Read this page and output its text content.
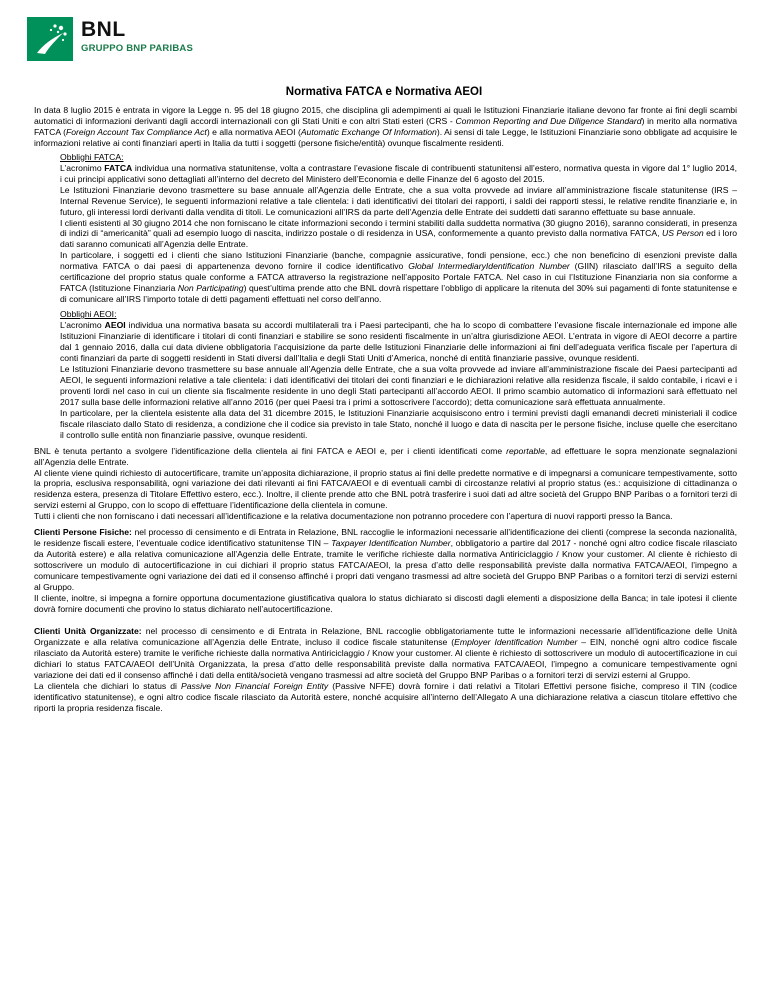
BNL
GRUPPO BNP PARIBAS
Normativa FATCA e Normativa AEOI

In data 8 luglio 2015 è entrata in vigore la Legge n. 95 del 18 giugno 2015, che disciplina gli adempimenti ai quali le Istituzioni Finanziarie italiane devono far fronte ai fini degli scambi automatici di informazioni derivanti dagli accordi internazionali con gli Stati Uniti e con altri Stati esteri (CRS - Common Reporting and Due Diligence Standard) in merito alla normativa FATCA (Foreign Account Tax Compliance Act) e alla normativa AEOI (Automatic Exchange Of Information). Ai sensi di tale Legge, le Istituzioni Finanziarie sono obbligate ad acquisire le informazioni relative ai conti finanziari aperti in Italia da tutti i soggetti (persone fisiche/entità) ovunque fiscalmente residenti.

Obblighi FATCA:

L’acronimo FATCA individua una normativa statunitense, volta a contrastare l’evasione fiscale di contribuenti statunitensi all’estero, normativa questa in vigore dal 1° luglio 2014, i cui principi applicativi sono dettagliati all’interno del decreto del Ministero dell’Economia e delle Finanze del 6 agosto del 2015.

Le Istituzioni Finanziarie devono trasmettere su base annuale all’Agenzia delle Entrate, che a sua volta provvede ad inviare all’amministrazione fiscale statunitense (IRS – Internal Revenue Service), le seguenti informazioni relative a tale clientela: i dati identificativi dei titolari dei rapporti, i saldi dei rapporti stessi, le relative rendite finanziarie e, in futuro, gli interessi lordi derivanti dalla vendita di titoli. Le comunicazioni all’IRS da parte dell’Agenzia delle Entrate dei suddetti dati saranno effettuate su base annuale.

I clienti esistenti al 30 giugno 2014 che non forniscano le citate informazioni secondo i termini stabiliti dalla suddetta normativa (30 giugno 2016), saranno considerati, in presenza di indizi di “americanità” quali ad esempio luogo di nascita, indirizzo postale o di residenza in USA, conformemente a quanto previsto dalla normativa FATCA, US Person ed i loro dati saranno comunicati all’Agenzia delle Entrate.

In particolare, i soggetti ed i clienti che siano Istituzioni Finanziarie (banche, compagnie assicurative, fondi pensione, ecc.) che non beneficino di esenzioni previste dalla normativa FATCA o dai paesi di appartenenza devono fornire il codice identificativo Global IntermediaryIdentification Number (GIIN) rilasciato dall’IRS a seguito della certificazione del proprio status quale conforme a FATCA attraverso la registrazione nell’apposito Portale FATCA. Nel caso in cui l’Istituzione Finanziaria non sia conforme a FATCA (Istituzione Finanziaria Non Participating) quest’ultima prende atto che BNL dovrà rispettare l’obbligo di applicare la ritenuta del 30% sui pagamenti di fonte statunitense e di comunicare all’IRS l’importo totale di detti pagamenti effettuati nel corso dell’anno.

Obblighi AEOI:

L’acronimo AEOI individua una normativa basata su accordi multilaterali tra i Paesi partecipanti, che ha lo scopo di combattere l’evasione fiscale internazionale ed impone alle Istituzioni Finanziarie di identificare i titolari di conti finanziari e stabilire se sono residenti fiscalmente in un’altra giurisdizione AEOI. L’entrata in vigore di AEOI decorre a partire dal 1 gennaio 2016, dalla cui data diviene obbligatoria l’acquisizione da parte delle Istituzioni Finanziarie delle informazioni ai fini dell’adeguata verifica fiscale per l’apertura di conti finanziari da parte di soggetti residenti in Stati diversi dall’Italia e degli Stati Uniti d’America, nonché di entità finanziarie passive, ovunque residenti.

Le Istituzioni Finanziarie devono trasmettere su base annuale all’Agenzia delle Entrate, che a sua volta provvede ad inviare all’amministrazione fiscale dei Paesi partecipanti ad AEOI, le seguenti informazioni relative a tale clientela: i dati identificativi dei titolari dei conti finanziari e le dichiarazioni relative alla residenza fiscale, il saldo contabile, i ricavi e i proventi lordi nel caso in cui un cliente sia fiscalmente residente in uno degli Stati partecipanti all’accordo AEOI. Il primo scambio automatico di informazioni sarà effettuato nel 2017 sulla base delle informazioni relative all’anno 2016 (per quei Paesi tra i primi a sottoscrivere l’accordo); detta comunicazione sarà effettuata annualmente.

In particolare, per la clientela esistente alla data del 31 dicembre 2015, le Istituzioni Finanziarie acquisiscono entro i termini previsti dagli emanandi decreti ministeriali il codice fiscale rilasciato dallo Stato di residenza, a condizione che il codice sia previsto in tale Stato, nonché il luogo e data di nascita per le persone fisiche, incluse quelle che esercitano il controllo sulle entità non finanziarie passive, ovunque residenti.

BNL è tenuta pertanto a svolgere l’identificazione della clientela ai fini FATCA e AEOI e, per i clienti identificati come reportable, ad effettuare le sopra menzionate segnalazioni all’Agenzia delle Entrate.

Al cliente viene quindi richiesto di autocertificare, tramite un’apposita dichiarazione, il proprio status ai fini delle predette normative e di impegnarsi a comunicare tempestivamente, sotto la propria, esclusiva responsabilità, ogni variazione dei dati rilevanti ai fini FATCA/AEOI e di eventuali cambi di circostanze relativi al proprio status (es.: acquisizione di cittadinanza o residenza estera, presenza di Titolare Effettivo estero, ecc.). Inoltre, il cliente prende atto che BNL potrà trasferire i suoi dati ad altre società del Gruppo BNP Paribas o a fornitori terzi di servizi esterni al Gruppo, con lo scopo di effettuare l’identificazione della clientela in comune.

Tutti i clienti che non forniscano i dati necessari all’identificazione e la relativa documentazione non potranno procedere con l’apertura di nuovi rapporti presso la Banca.

Clienti Persone Fisiche: nel processo di censimento e di Entrata in Relazione, BNL raccoglie le informazioni necessarie all’identificazione dei clienti (comprese la seconda nazionalità, le residenze fiscali estere, l’eventuale codice identificativo statunitense TIN – Taxpayer Identification Number, obbligatorio a partire dal 2017 - nonché ogni altro codice fiscale rilasciato da Autorità estere) e alla relativa comunicazione all’Agenzia delle Entrate, tramite le verifiche richieste dalla normativa Antiriciclaggio / Know your customer. Al cliente è richiesto di sottoscrivere un modulo di autocertificazione in cui dichiari il proprio status FATCA/AEOI, la presa d’atto delle responsabilità previste dalla normativa FATCA/AEOI, l’impegno a comunicare tempestivamente ogni variazione dei dati ed il consenso affinché i propri dati vengano trasmessi ad altre società del Gruppo BNP Paribas o a fornitori terzi di servizi esterni al Gruppo.

Il cliente, inoltre, si impegna a fornire opportuna documentazione giustificativa qualora lo status dichiarato si discosti dagli elementi a disposizione della Banca; in tale ipotesi il cliente dovrà fornire documenti che provino lo status dichiarato nell’autocertificazione.

Clienti Unità Organizzate: nel processo di censimento e di Entrata in Relazione, BNL raccoglie obbligatoriamente tutte le informazioni necessarie all’identificazione delle Unità Organizzate e alla relativa comunicazione all’Agenzia delle Entrate, incluso il codice fiscale statunitense (Employer Identification Number – EIN, nonché ogni altro codice fiscale rilasciato da Autorità estere) tramite le verifiche richieste dalla normativa Antiriciclaggio / Know your customer. Al cliente è richiesto di sottoscrivere un modulo di autocertificazione in cui dichiari lo status FATCA/AEOI dell’Unità Organizzata, la presa d’atto delle responsabilità previste dalla normativa FATCA/AEOI, l’impegno a comunicare tempestivamente ogni variazione dei dati ed il consenso affinché i dati della entità/società vengano trasmessi ad altre società del Gruppo BNP Paribas o a fornitori terzi di servizi esterni al Gruppo.

La clientela che dichiari lo status di Passive Non Financial Foreign Entity (Passive NFFE) dovrà fornire i dati relativi a Titolari Effettivi persone fisiche, compreso il TIN (codice identificativo statunitense), e ogni altro codice fiscale rilasciato da Autorità estere, nonché acquisire all’interno dell’Allegato A una dichiarazione relativa a ciascun titolare effettivo che riporti la propria residenza fiscale.
